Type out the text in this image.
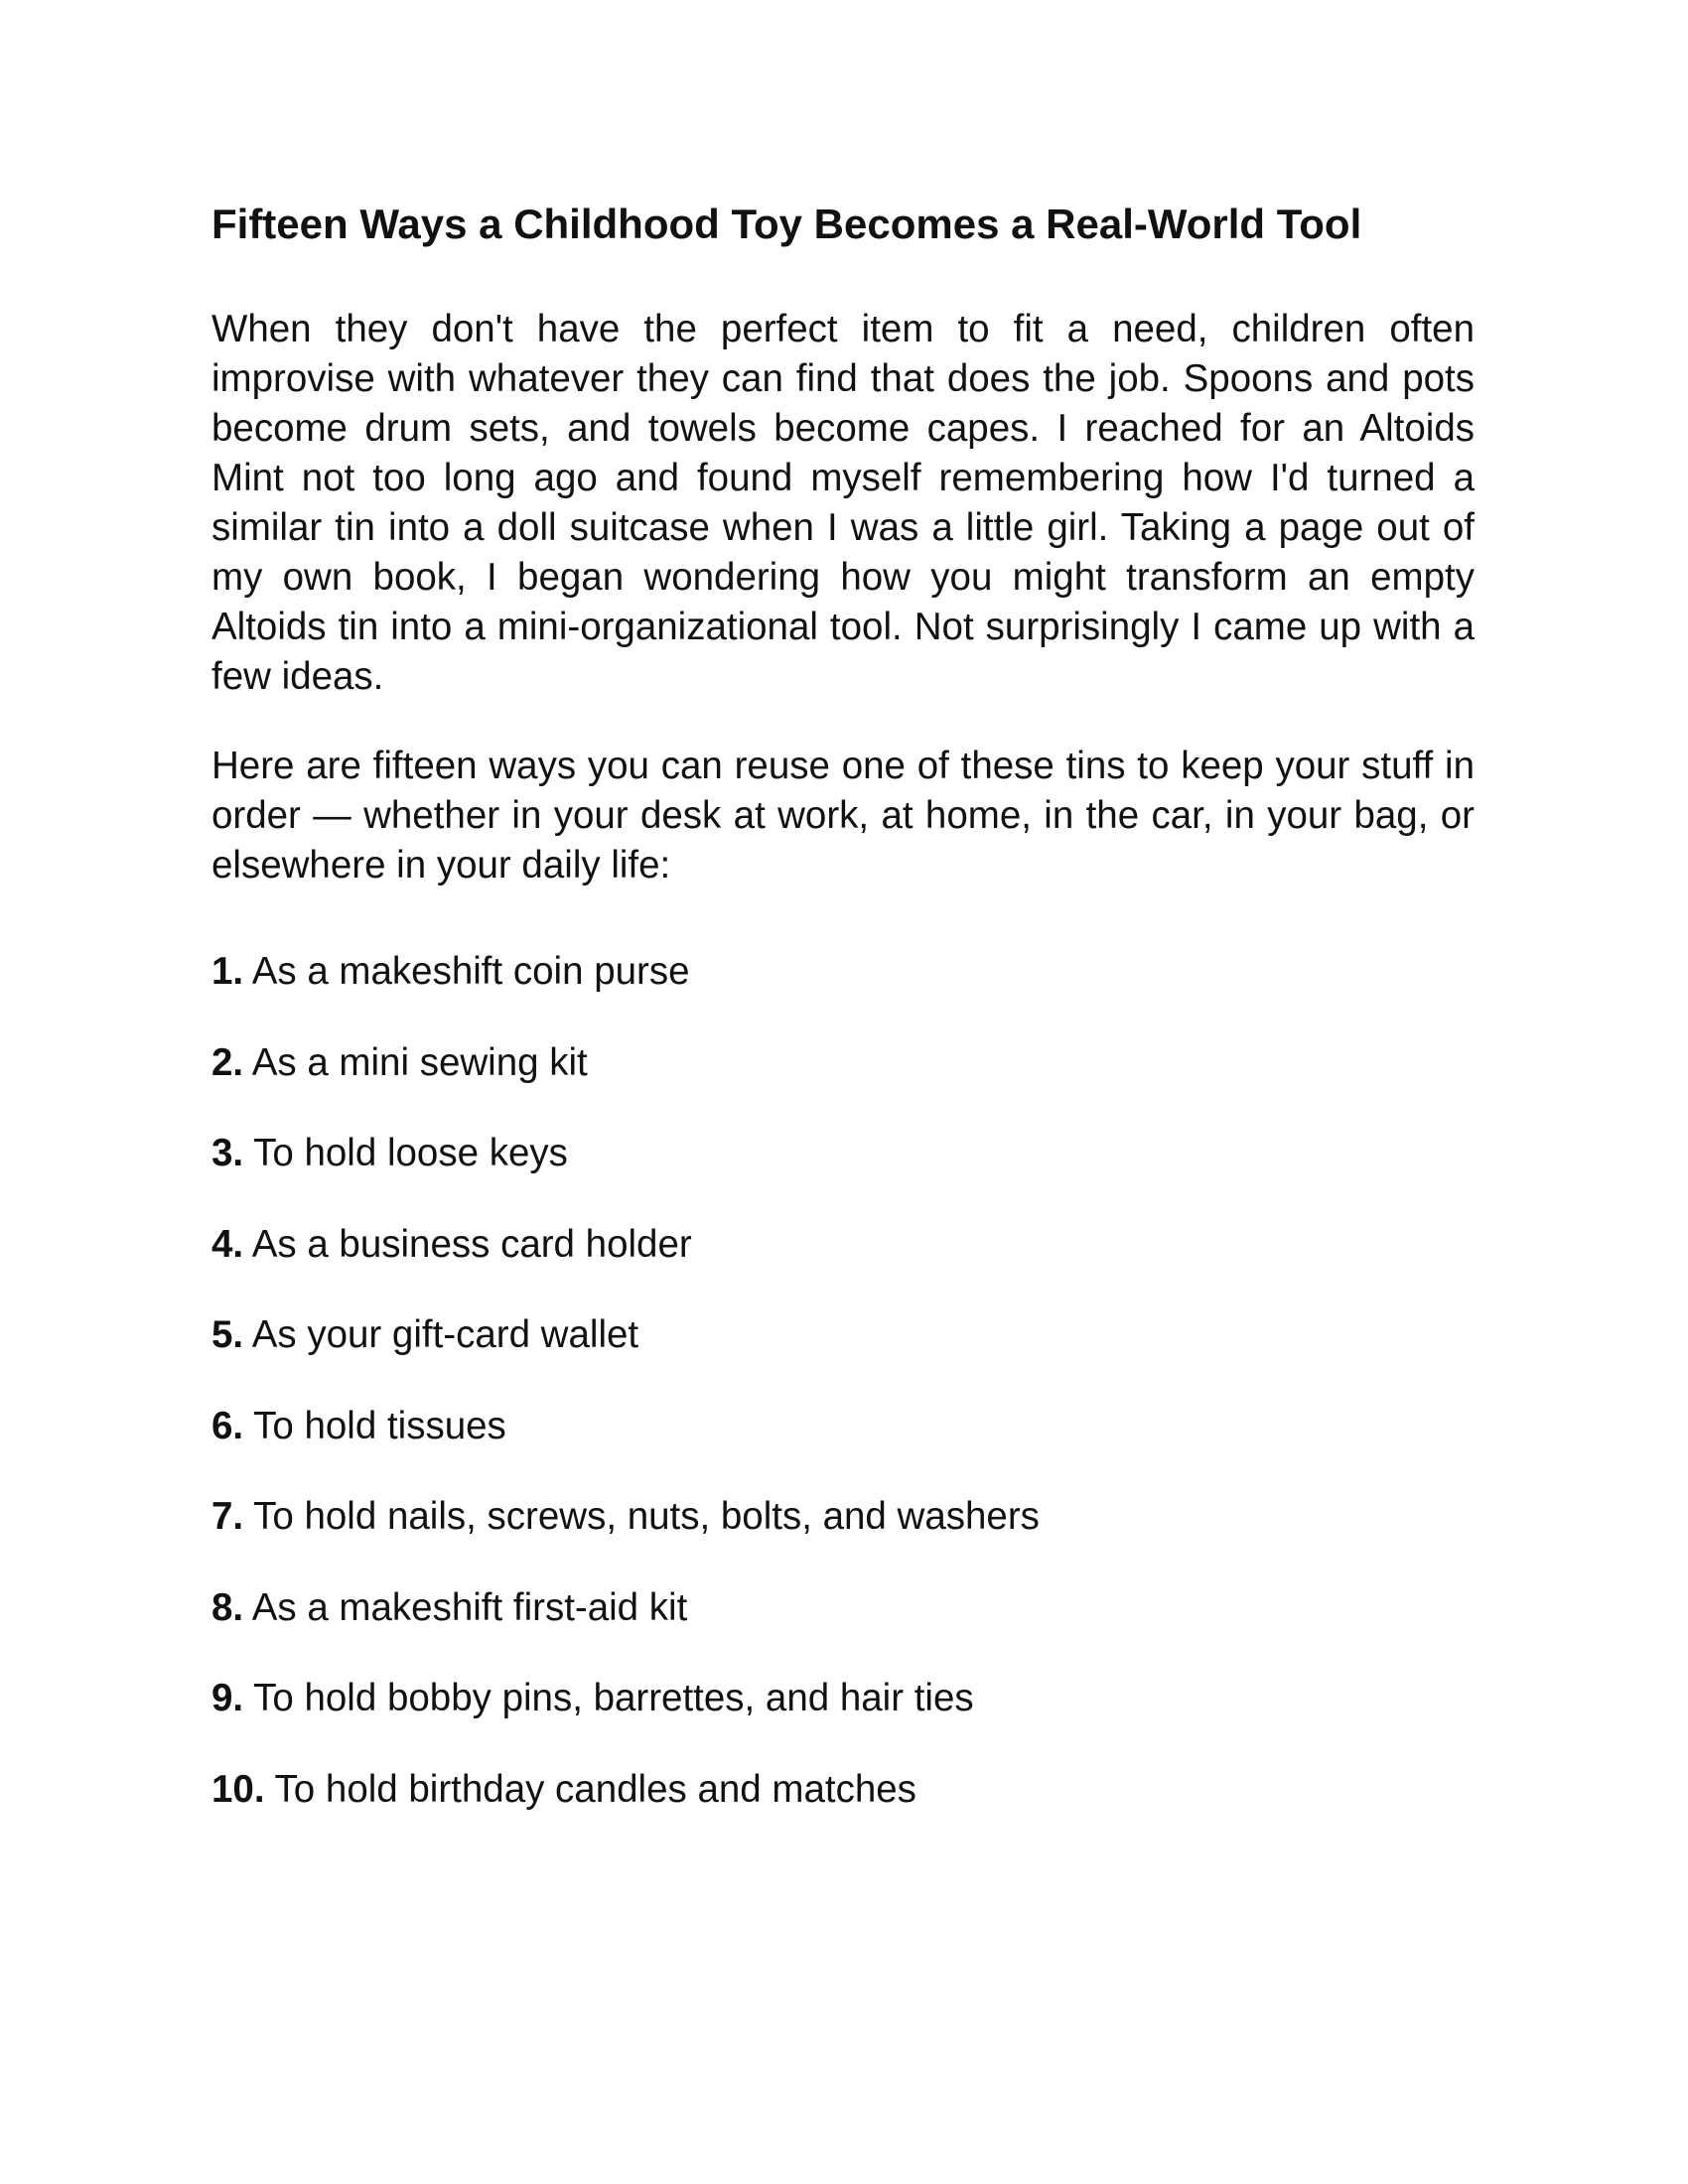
Fifteen Ways a Childhood Toy Becomes a Real-World Tool

When they don't have the perfect item to fit a need, children often improvise with whatever they can find that does the job. Spoons and pots become drum sets, and towels become capes. I reached for an Altoids Mint not too long ago and found myself remembering how I'd turned a similar tin into a doll suitcase when I was a little girl. Taking a page out of my own book, I began wondering how you might transform an empty Altoids tin into a mini-organizational tool. Not surprisingly I came up with a few ideas.

Here are fifteen ways you can reuse one of these tins to keep your stuff in order — whether in your desk at work, at home, in the car, in your bag, or elsewhere in your daily life:

1. As a makeshift coin purse
2. As a mini sewing kit
3. To hold loose keys
4. As a business card holder
5. As your gift-card wallet
6. To hold tissues
7. To hold nails, screws, nuts, bolts, and washers
8. As a makeshift first-aid kit
9. To hold bobby pins, barrettes, and hair ties
10. To hold birthday candles and matches
